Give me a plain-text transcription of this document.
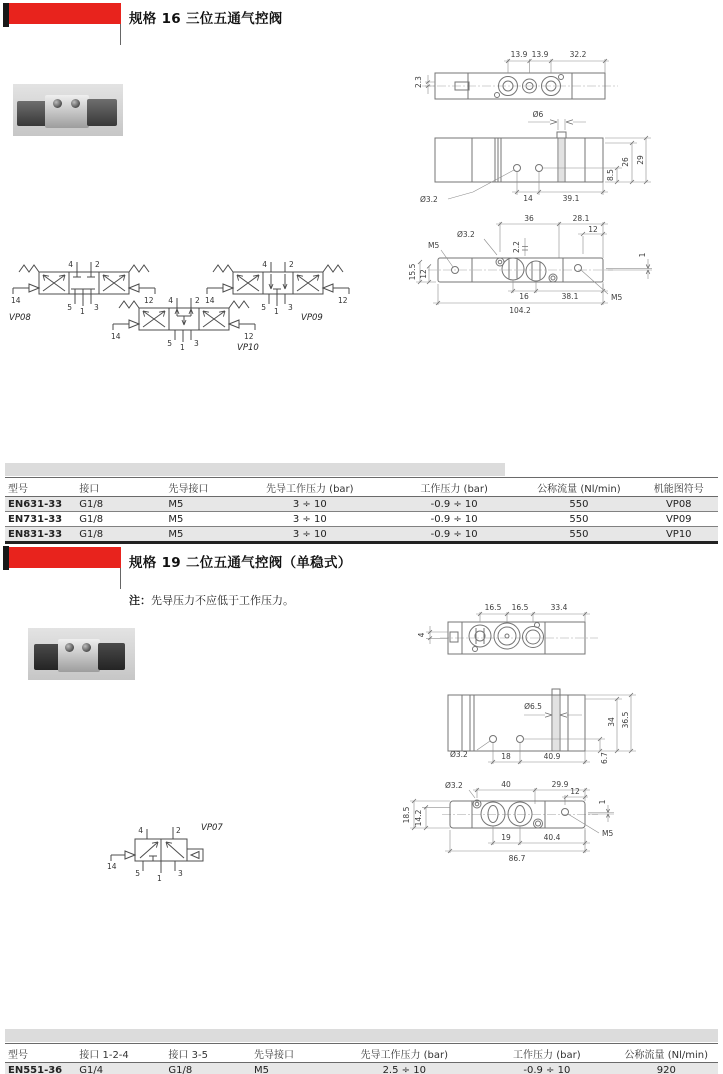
规格 16 三位五通气控阀
13.9 13.9	32.2
2.3
Ø6
8.5
26 29
14	39.1
Ø3.2
36	28.1
12
Ø3.2
2.2
1
M5
15.5 12
16	38.1
104.2
M5
4	2
5 1 3
14	12
VP08
4	2
5 1 3
14	12
VP09
4	2
5 1 3
14	12
VP10
型号	接口	先导接口	先导工作压力 (bar)	工作压力 (bar)	公称流量 (Nl/min)	机能图符号
EN631-33	G1/8	M5	3 ÷ 10	-0.9 ÷ 10	550	VP08
EN731-33	G1/8	M5	3 ÷ 10	-0.9 ÷ 10	550	VP09
EN831-33	G1/8	M5	3 ÷ 10	-0.9 ÷ 10	550	VP10
规格 19 二位五通气控阀（单稳式）
注：先导压力不应低于工作压力。
16.5 16.5	33.4
4
Ø6.5
6.7
34 36.5
Ø3.2	18	40.9
40	29.9
12
Ø3.2
18.5 14.2
1
M5
19	40.4
86.7
4	2
5
1
3
14
VP07
型号	接口 1-2-4	接口 3-5	先导接口	先导工作压力 (bar)	工作压力 (bar)	公称流量 (Nl/min)
EN551-36	G1/4	G1/8	M5	2.5 ÷ 10	-0.9 ÷ 10	920
